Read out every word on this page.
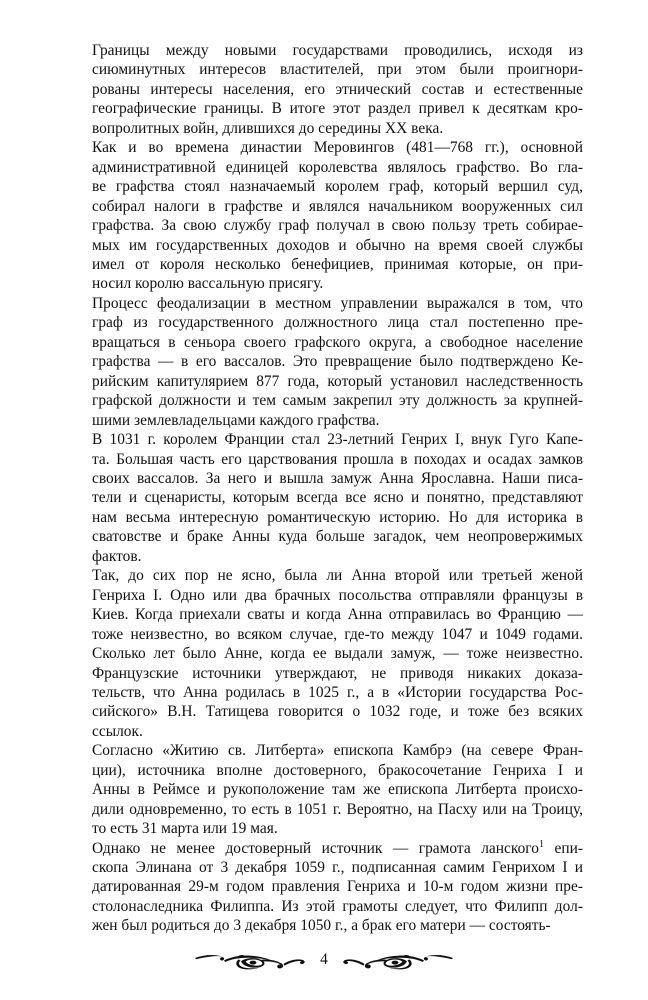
Границы между новыми государствами проводились, исходя из
сиюминутных интересов властителей, при этом были проигнори-
рованы интересы населения, его этнический состав и естественные
географические границы. В итоге этот раздел привел к десяткам кро-
вопролитных войн, длившихся до середины XX века.

Как и во времена династии Меровингов (481—768 гг.), основной
административной единицей королевства являлось графство. Во гла-
ве графства стоял назначаемый королем граф, который вершил суд,
собирал налоги в графстве и являлся начальником вооруженных сил
графства. За свою службу граф получал в свою пользу треть собирае-
мых им государственных доходов и обычно на время своей службы
имел от короля несколько бенефициев, принимая которые, он при-
носил королю вассальную присягу.

Процесс феодализации в местном управлении выражался в том, что
граф из государственного должностного лица стал постепенно пре-
вращаться в сеньора своего графского округа, а свободное население
графства — в его вассалов. Это превращение было подтверждено Ке-
рийским капитулярием 877 года, который установил наследственность
графской должности и тем самым закрепил эту должность за крупней-
шими землевладельцами каждого графства.

В 1031 г. королем Франции стал 23-летний Генрих I, внук Гуго Капе-
та. Большая часть его царствования прошла в походах и осадах замков
своих вассалов. За него и вышла замуж Анна Ярославна. Наши писа-
тели и сценаристы, которым всегда все ясно и понятно, представляют
нам весьма интересную романтическую историю. Но для историка в
сватовстве и браке Анны куда больше загадок, чем неопровержимых
фактов.

Так, до сих пор не ясно, была ли Анна второй или третьей женой
Генриха I. Одно или два брачных посольства отправляли французы в
Киев. Когда приехали сваты и когда Анна отправилась во Францию —
тоже неизвестно, во всяком случае, где-то между 1047 и 1049 годами.
Сколько лет было Анне, когда ее выдали замуж, — тоже неизвестно.
Французские источники утверждают, не приводя никаких доказа-
тельств, что Анна родилась в 1025 г., а в «Истории государства Рос-
сийского» В.Н. Татищева говорится о 1032 годе, и тоже без всяких
ссылок.

Согласно «Житию св. Литберта» епископа Камбрэ (на севере Фран-
ции), источника вполне достоверного, бракосочетание Генриха I и
Анны в Реймсе и рукоположение там же епископа Литберта происхо-
дили одновременно, то есть в 1051 г. Вероятно, на Пасху или на Троицу,
то есть 31 марта или 19 мая.

Однако не менее достоверный источник — грамота ланского$^1$ епи-
скопа Элинана от 3 декабря 1059 г., подписанная самим Генрихом I и
датированная 29-м годом правления Генриха и 10-м годом жизни пре-
столонаследника Филиппа. Из этой грамоты следует, что Филипп дол-
жен был родиться до 3 декабря 1050 г., а брак его матери — состоять-

4
